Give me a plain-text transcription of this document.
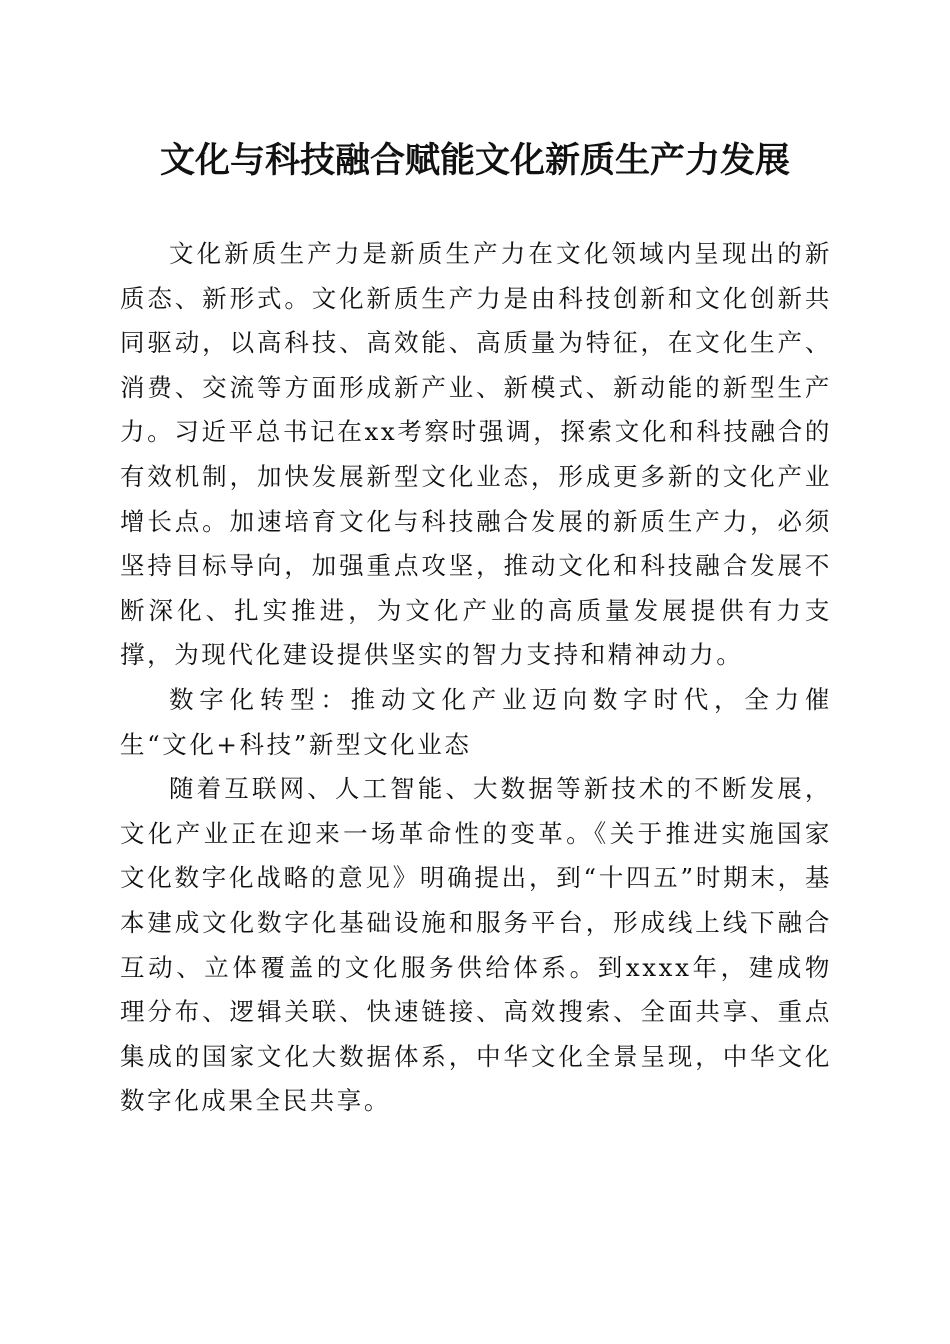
文化与科技融合赋能文化新质生产力发展

文化新质生产力是新质生产力在文化领域内呈现出的新质态、新形式。文化新质生产力是由科技创新和文化创新共同驱动，以高科技、高效能、高质量为特征，在文化生产、消费、交流等方面形成新产业、新模式、新动能的新型生产力。习近平总书记在xx考察时强调，探索文化和科技融合的有效机制，加快发展新型文化业态，形成更多新的文化产业增长点。加速培育文化与科技融合发展的新质生产力，必须坚持目标导向，加强重点攻坚，推动文化和科技融合发展不断深化、扎实推进，为文化产业的高质量发展提供有力支撑，为现代化建设提供坚实的智力支持和精神动力。

数字化转型：推动文化产业迈向数字时代，全力催生“文化+科技”新型文化业态

随着互联网、人工智能、大数据等新技术的不断发展，文化产业正在迎来一场革命性的变革。《关于推进实施国家文化数字化战略的意见》明确提出，到“十四五”时期末，基本建成文化数字化基础设施和服务平台，形成线上线下融合互动、立体覆盖的文化服务供给体系。到xxxx年，建成物理分布、逻辑关联、快速链接、高效搜索、全面共享、重点集成的国家文化大数据体系，中华文化全景呈现，中华文化数字化成果全民共享。
